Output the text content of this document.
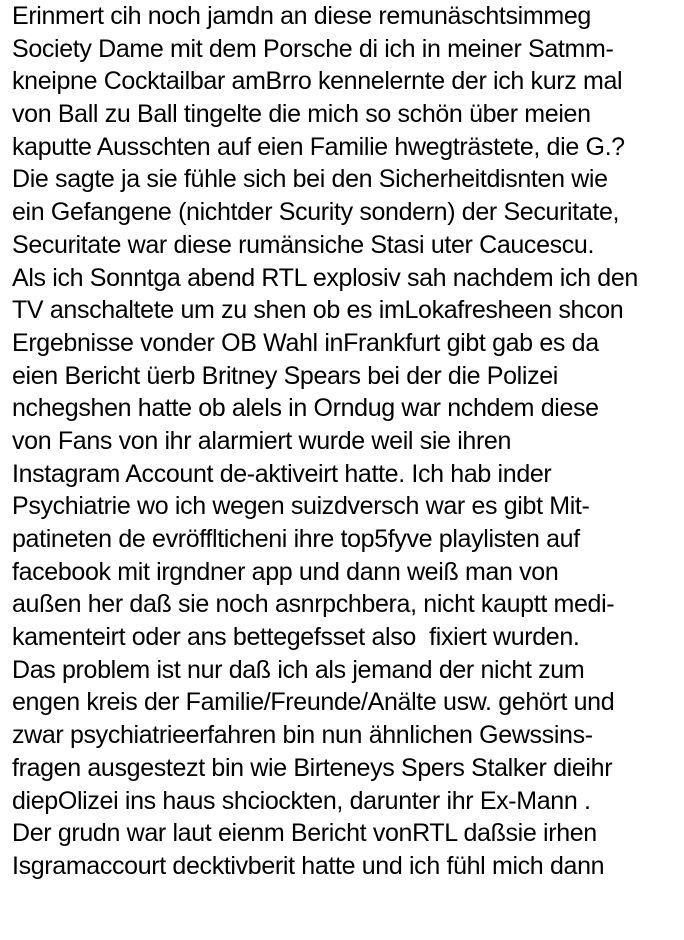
Erinmert cih noch jamdn an diese remunäschtsimmeg
Society Dame mit dem Porsche di ich in meiner Satmm-
kneipne Cocktailbar amBrro kennelernte der ich kurz mal
von Ball zu Ball tingelte die mich so schön über meien
kaputte Ausschten auf eien Familie hwegträstete, die G.?
Die sagte ja sie fühle sich bei den Sicherheitdisnten wie
ein Gefangene (nichtder Scurity sondern) der Securitate,
Securitate war diese rumänsiche Stasi uter Caucescu.
Als ich Sonntga abend RTL explosiv sah nachdem ich den
TV anschaltete um zu shen ob es imLokafresheen shcon
Ergebnisse vonder OB Wahl inFrankfurt gibt gab es da
eien Bericht üerb Britney Spears bei der die Polizei
nchegshen hatte ob alels in Orndug war nchdem diese
von Fans von ihr alarmiert wurde weil sie ihren
Instagram Account de-aktiveirt hatte. Ich hab inder
Psychiatrie wo ich wegen suizdversch war es gibt Mit-
patineten de evröfflticheni ihre top5fyve playlisten auf
facebook mit irgndner app und dann weiß man von
außen her daß sie noch asnrpchbera, nicht kauptt medi-
kamenteirt oder ans bettegefsset also  fixiert wurden.
Das problem ist nur daß ich als jemand der nicht zum
engen kreis der Familie/Freunde/Anälte usw. gehört und
zwar psychiatrieerfahren bin nun ähnlichen Gewssins-
fragen ausgestezt bin wie Birteneys Spers Stalker dieihr
diepOlizei ins haus shciockten, darunter ihr Ex-Mann .
Der grudn war laut eienm Bericht vonRTL daßsie irhen
Isgramaccourt decktivberit hatte und ich fühl mich dann
